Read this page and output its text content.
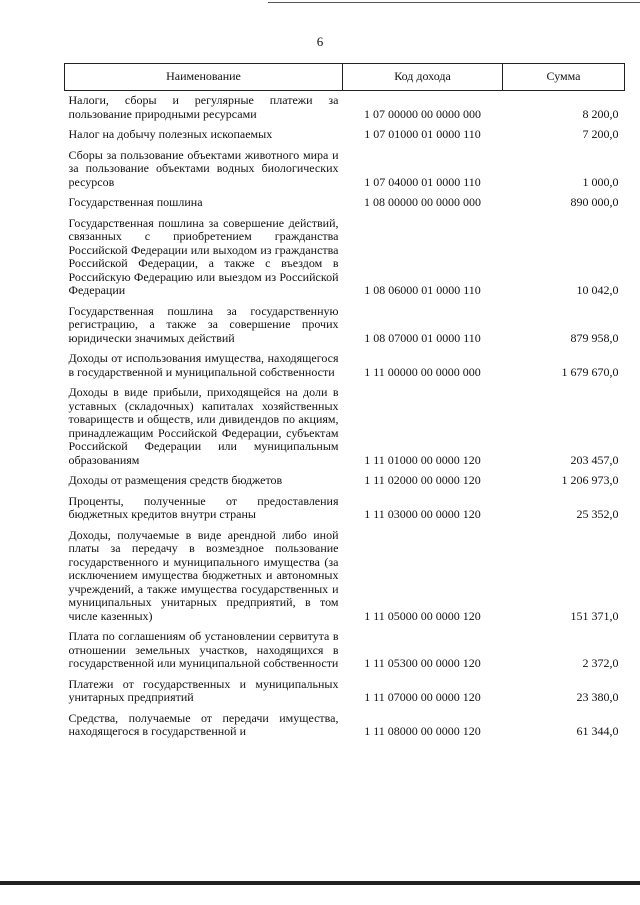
6
Наименование	Код дохода	Сумма
Налоги, сборы и регулярные платежи за пользование природными ресурсами	1 07 00000 00 0000 000	8 200,0
Налог на добычу полезных ископаемых	1 07 01000 01 0000 110	7 200,0
Сборы за пользование объектами животного мира и за пользование объектами водных биологических ресурсов	1 07 04000 01 0000 110	1 000,0
Государственная пошлина	1 08 00000 00 0000 000	890 000,0
Государственная пошлина за совершение действий, связанных с приобретением гражданства Российской Федерации или выходом из гражданства Российской Федерации, а также с въездом в Российскую Федерацию или выездом из Российской Федерации	1 08 06000 01 0000 110	10 042,0
Государственная пошлина за государственную регистрацию, а также за совершение прочих юридически значимых действий	1 08 07000 01 0000 110	879 958,0
Доходы от использования имущества, находящегося в государственной и муниципальной собственности	1 11 00000 00 0000 000	1 679 670,0
Доходы в виде прибыли, приходящейся на доли в уставных (складочных) капиталах хозяйственных товариществ и обществ, или дивидендов по акциям, принадлежащим Российской Федерации, субъектам Российской Федерации или муниципальным образованиям	1 11 01000 00 0000 120	203 457,0
Доходы от размещения средств бюджетов	1 11 02000 00 0000 120	1 206 973,0
Проценты, полученные от предоставления бюджетных кредитов внутри страны	1 11 03000 00 0000 120	25 352,0
Доходы, получаемые в виде арендной либо иной платы за передачу в возмездное пользование государственного и муниципального имущества (за исключением имущества бюджетных и автономных учреждений, а также имущества государственных и муниципальных унитарных предприятий, в том числе казенных)	1 11 05000 00 0000 120	151 371,0
Плата по соглашениям об установлении сервитута в отношении земельных участков, находящихся в государственной или муниципальной собственности	1 11 05300 00 0000 120	2 372,0
Платежи от государственных и муниципальных унитарных предприятий	1 11 07000 00 0000 120	23 380,0
Средства, получаемые от передачи имущества, находящегося в государственной и	1 11 08000 00 0000 120	61 344,0
